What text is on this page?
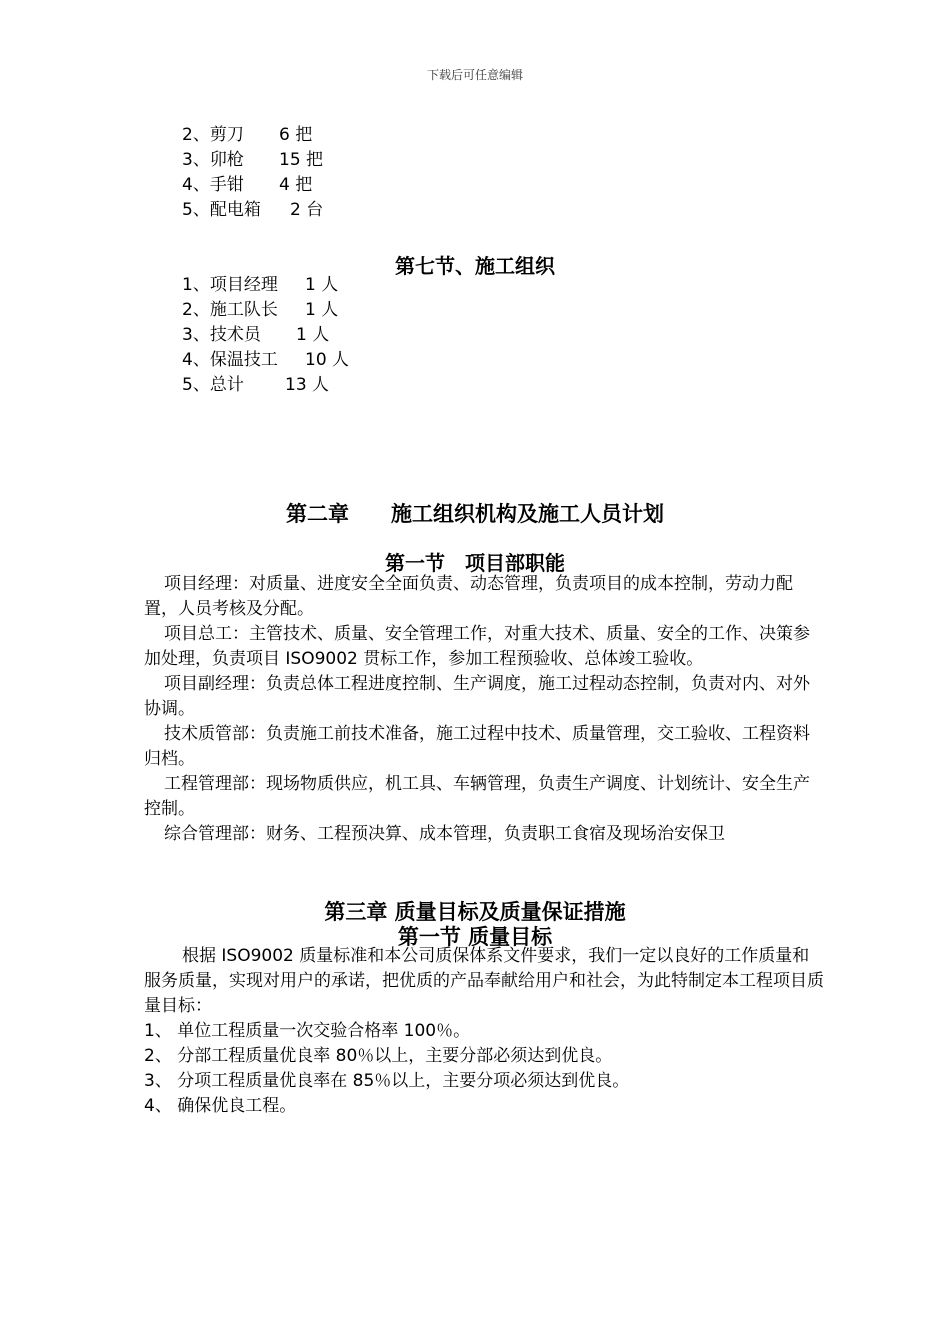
下载后可任意编辑
2、剪刀 6 把
3、卯枪 15 把
4、手钳 4 把
5、配电箱 2 台
第七节、施工组织
1、项目经理 1 人
2、施工队长 1 人
3、技术员 1 人
4、保温技工 10 人
5、总计 13 人
第二章　　施工组织机构及施工人员计划
第一节　项目部职能

项目经理：对质量、进度安全全面负责、动态管理，负责项目的成本控制，劳动力配置，人员考核及分配。

项目总工：主管技术、质量、安全管理工作，对重大技术、质量、安全的工作、决策参加处理，负责项目 ISO9002 贯标工作，参加工程预验收、总体竣工验收。

项目副经理：负责总体工程进度控制、生产调度，施工过程动态控制，负责对内、对外协调。

技术质管部：负责施工前技术准备，施工过程中技术、质量管理，交工验收、工程资料归档。

工程管理部：现场物质供应，机工具、车辆管理，负责生产调度、计划统计、安全生产控制。

综合管理部：财务、工程预决算、成本管理，负责职工食宿及现场治安保卫

第三章 质量目标及质量保证措施
第一节 质量目标

根据 ISO9002 质量标准和本公司质保体系文件要求，我们一定以良好的工作质量和服务质量，实现对用户的承诺，把优质的产品奉献给用户和社会，为此特制定本工程项目质量目标：

1、 单位工程质量一次交验合格率 100％。
2、 分部工程质量优良率 80％以上，主要分部必须达到优良。
3、 分项工程质量优良率在 85％以上，主要分项必须达到优良。
4、 确保优良工程。
